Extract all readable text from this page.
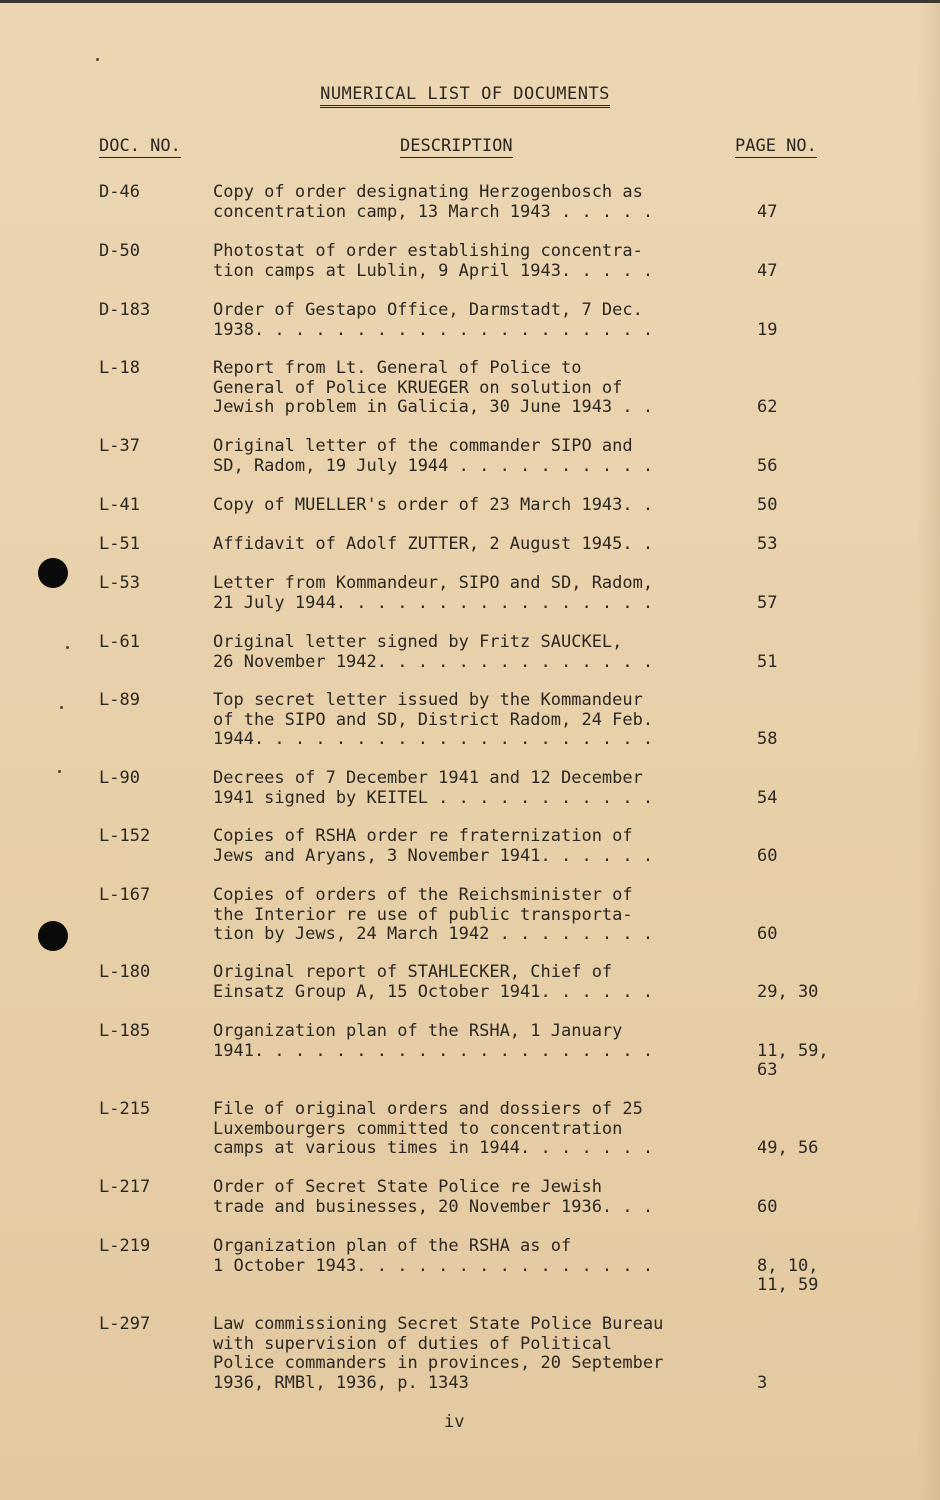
NUMERICAL LIST OF DOCUMENTS
DOC. NO.	DESCRIPTION	PAGE NO.
D-46	Copy of order designating Herzogenbosch as
concentration camp, 13 March 1943 . . . . .	47
D-50	Photostat of order establishing concentra-
tion camps at Lublin, 9 April 1943. . . . .	47
D-183	Order of Gestapo Office, Darmstadt, 7 Dec.
1938. . . . . . . . . . . . . . . . . . . .	19
L-18	Report from Lt. General of Police to
General of Police KRUEGER on solution of
Jewish problem in Galicia, 30 June 1943 . .	62
L-37	Original letter of the commander SIPO and
SD, Radom, 19 July 1944 . . . . . . . . . .	56
L-41	Copy of MUELLER's order of 23 March 1943. .	50
L-51	Affidavit of Adolf ZUTTER, 2 August 1945. .	53
L-53	Letter from Kommandeur, SIPO and SD, Radom,
21 July 1944. . . . . . . . . . . . . . . .	57
L-61	Original letter signed by Fritz SAUCKEL,
26 November 1942. . . . . . . . . . . . . .	51
L-89	Top secret letter issued by the Kommandeur
of the SIPO and SD, District Radom, 24 Feb.
1944. . . . . . . . . . . . . . . . . . . .	58
L-90	Decrees of 7 December 1941 and 12 December
1941 signed by KEITEL . . . . . . . . . . .	54
L-152	Copies of RSHA order re fraternization of
Jews and Aryans, 3 November 1941. . . . . .	60
L-167	Copies of orders of the Reichsminister of
the Interior re use of public transporta-
tion by Jews, 24 March 1942 . . . . . . . .	60
L-180	Original report of STAHLECKER, Chief of
Einsatz Group A, 15 October 1941. . . . . .	29, 30
L-185	Organization plan of the RSHA, 1 January
1941. . . . . . . . . . . . . . . . . . . .	11, 59,
63
L-215	File of original orders and dossiers of 25
Luxembourgers committed to concentration
camps at various times in 1944. . . . . . .	49, 56
L-217	Order of Secret State Police re Jewish
trade and businesses, 20 November 1936. . .	60
L-219	Organization plan of the RSHA as of
1 October 1943. . . . . . . . . . . . . . .	8, 10,
11, 59
L-297	Law commissioning Secret State Police Bureau
with supervision of duties of Political
Police commanders in provinces, 20 September
1936, RMBl, 1936, p. 1343	3
iv
